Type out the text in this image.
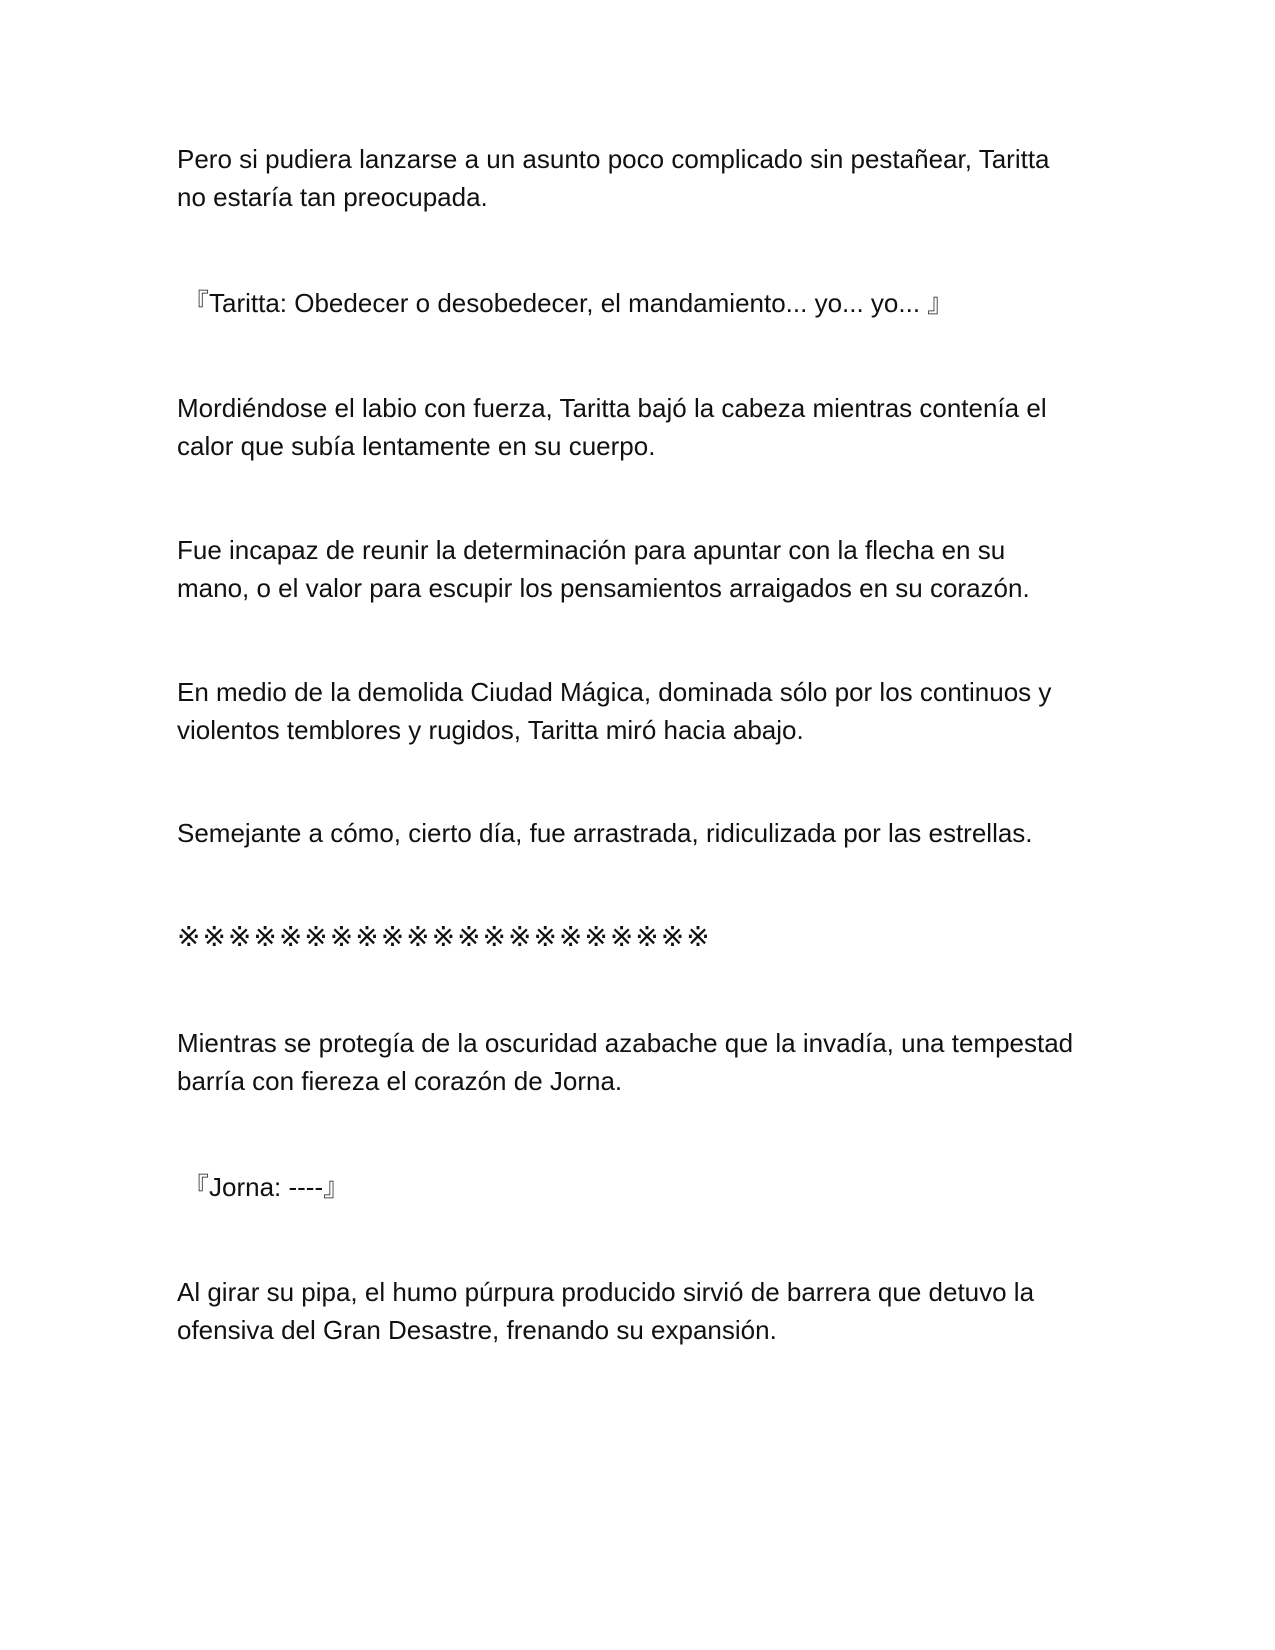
Pero si pudiera lanzarse a un asunto poco complicado sin pestañear, Taritta
no estaría tan preocupada.

『Taritta: Obedecer o desobedecer, el mandamiento... yo... yo... 』

Mordiéndose el labio con fuerza, Taritta bajó la cabeza mientras contenía el
calor que subía lentamente en su cuerpo.

Fue incapaz de reunir la determinación para apuntar con la flecha en su
mano, o el valor para escupir los pensamientos arraigados en su corazón.

En medio de la demolida Ciudad Mágica, dominada sólo por los continuos y
violentos temblores y rugidos, Taritta miró hacia abajo.

Semejante a cómo, cierto día, fue arrastrada, ridiculizada por las estrellas.

※※※※※※※※※※※※※※※※※※※※※

Mientras se protegía de la oscuridad azabache que la invadía, una tempestad
barría con fiereza el corazón de Jorna.

『Jorna: ----』

Al girar su pipa, el humo púrpura producido sirvió de barrera que detuvo la
ofensiva del Gran Desastre, frenando su expansión.
